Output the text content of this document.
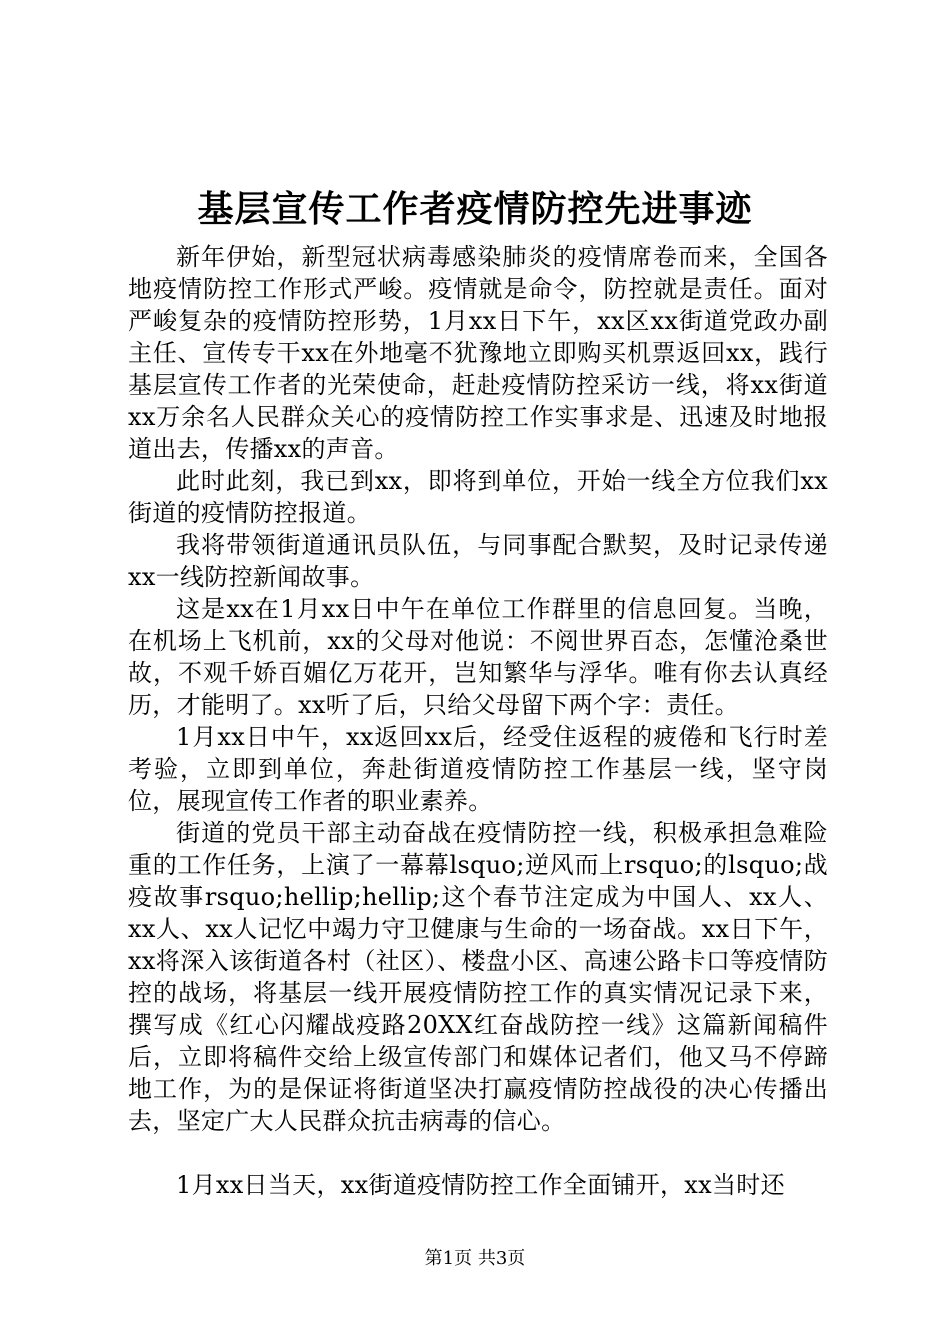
基层宣传工作者疫情防控先进事迹

新年伊始，新型冠状病毒感染肺炎的疫情席卷而来，全国各地疫情防控工作形式严峻。疫情就是命令，防控就是责任。面对严峻复杂的疫情防控形势，1月xx日下午，xx区xx街道党政办副主任、宣传专干xx在外地毫不犹豫地立即购买机票返回xx，践行基层宣传工作者的光荣使命，赶赴疫情防控采访一线，将xx街道xx万余名人民群众关心的疫情防控工作实事求是、迅速及时地报道出去，传播xx的声音。

此时此刻，我已到xx，即将到单位，开始一线全方位我们xx街道的疫情防控报道。

我将带领街道通讯员队伍，与同事配合默契，及时记录传递xx一线防控新闻故事。

这是xx在1月xx日中午在单位工作群里的信息回复。当晚，在机场上飞机前，xx的父母对他说：不阅世界百态，怎懂沧桑世故，不观千娇百媚亿万花开，岂知繁华与浮华。唯有你去认真经历，才能明了。xx听了后，只给父母留下两个字：责任。

1月xx日中午，xx返回xx后，经受住返程的疲倦和飞行时差考验，立即到单位，奔赴街道疫情防控工作基层一线，坚守岗位，展现宣传工作者的职业素养。

街道的党员干部主动奋战在疫情防控一线，积极承担急难险重的工作任务，上演了一幕幕lsquo;逆风而上rsquo;的lsquo;战疫故事rsquo;hellip;hellip;这个春节注定成为中国人、xx人、xx人、xx人记忆中竭力守卫健康与生命的一场奋战。xx日下午，xx将深入该街道各村（社区）、楼盘小区、高速公路卡口等疫情防控的战场，将基层一线开展疫情防控工作的真实情况记录下来，撰写成《红心闪耀战疫路20XX红奋战防控一线》这篇新闻稿件后，立即将稿件交给上级宣传部门和媒体记者们，他又马不停蹄地工作，为的是保证将街道坚决打赢疫情防控战役的决心传播出去，坚定广大人民群众抗击病毒的信心。

1月xx日当天，xx街道疫情防控工作全面铺开，xx当时还

第1页 共3页
